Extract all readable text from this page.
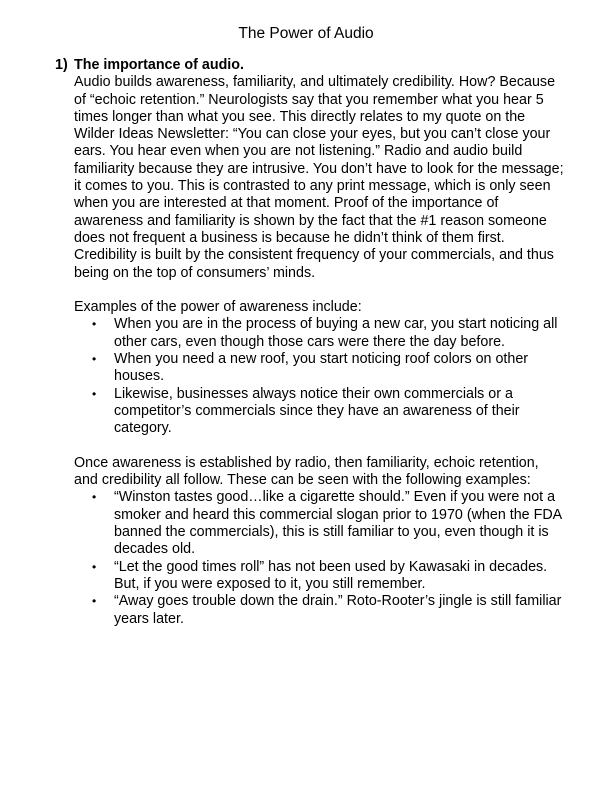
The Power of Audio
1) The importance of audio.

Audio builds awareness, familiarity, and ultimately credibility. How? Because of “echoic retention.” Neurologists say that you remember what you hear 5 times longer than what you see. This directly relates to my quote on the Wilder Ideas Newsletter: “You can close your eyes, but you can’t close your ears. You hear even when you are not listening.” Radio and audio build familiarity because they are intrusive. You don’t have to look for the message; it comes to you. This is contrasted to any print message, which is only seen when you are interested at that moment. Proof of the importance of awareness and familiarity is shown by the fact that the #1 reason someone does not frequent a business is because he didn’t think of them first. Credibility is built by the consistent frequency of your commercials, and thus being on the top of consumers’ minds.

Examples of the power of awareness include:

• When you are in the process of buying a new car, you start noticing all other cars, even though those cars were there the day before.
• When you need a new roof, you start noticing roof colors on other houses.
• Likewise, businesses always notice their own commercials or a competitor’s commercials since they have an awareness of their category.

Once awareness is established by radio, then familiarity, echoic retention, and credibility all follow. These can be seen with the following examples:

• “Winston tastes good…like a cigarette should.” Even if you were not a smoker and heard this commercial slogan prior to 1970 (when the FDA banned the commercials), this is still familiar to you, even though it is decades old.
• “Let the good times roll” has not been used by Kawasaki in decades. But, if you were exposed to it, you still remember.
• “Away goes trouble down the drain.” Roto-Rooter’s jingle is still familiar years later.
